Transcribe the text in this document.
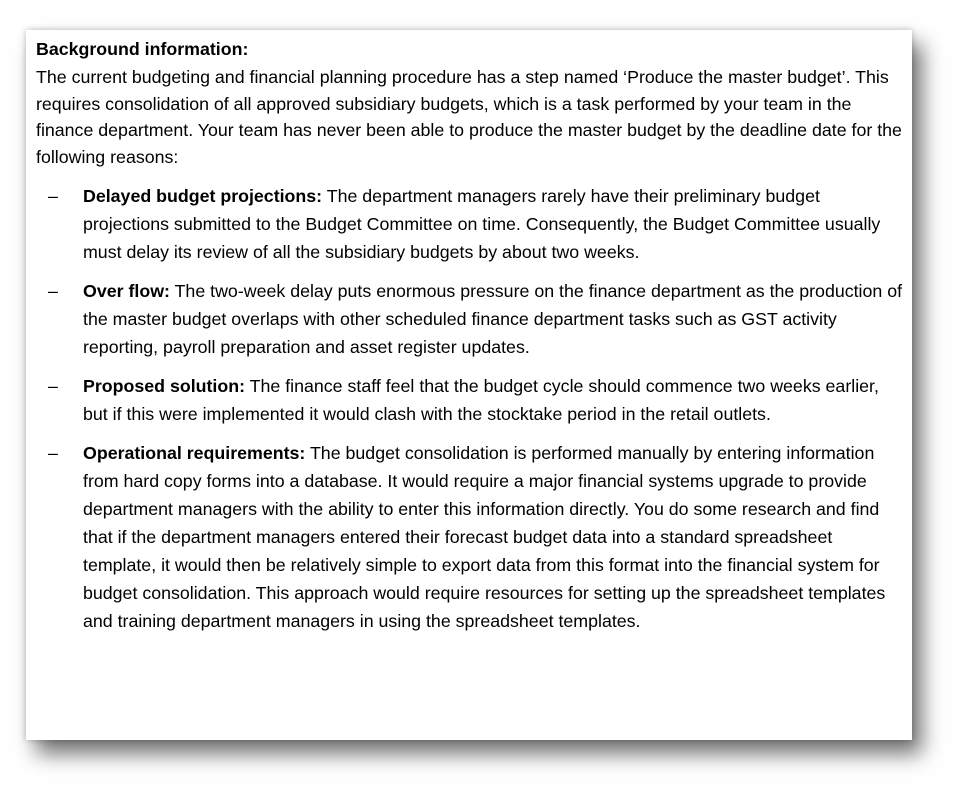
Background information:
The current budgeting and financial planning procedure has a step named ‘Produce the master budget’. This requires consolidation of all approved subsidiary budgets, which is a task performed by your team in the finance department. Your team has never been able to produce the master budget by the deadline date for the following reasons:
– Delayed budget projections: The department managers rarely have their preliminary budget projections submitted to the Budget Committee on time. Consequently, the Budget Committee usually must delay its review of all the subsidiary budgets by about two weeks.
– Over flow: The two-week delay puts enormous pressure on the finance department as the production of the master budget overlaps with other scheduled finance department tasks such as GST activity reporting, payroll preparation and asset register updates.
– Proposed solution: The finance staff feel that the budget cycle should commence two weeks earlier, but if this were implemented it would clash with the stocktake period in the retail outlets.
– Operational requirements: The budget consolidation is performed manually by entering information from hard copy forms into a database. It would require a major financial systems upgrade to provide department managers with the ability to enter this information directly. You do some research and find that if the department managers entered their forecast budget data into a standard spreadsheet template, it would then be relatively simple to export data from this format into the financial system for budget consolidation. This approach would require resources for setting up the spreadsheet templates and training department managers in using the spreadsheet templates.
